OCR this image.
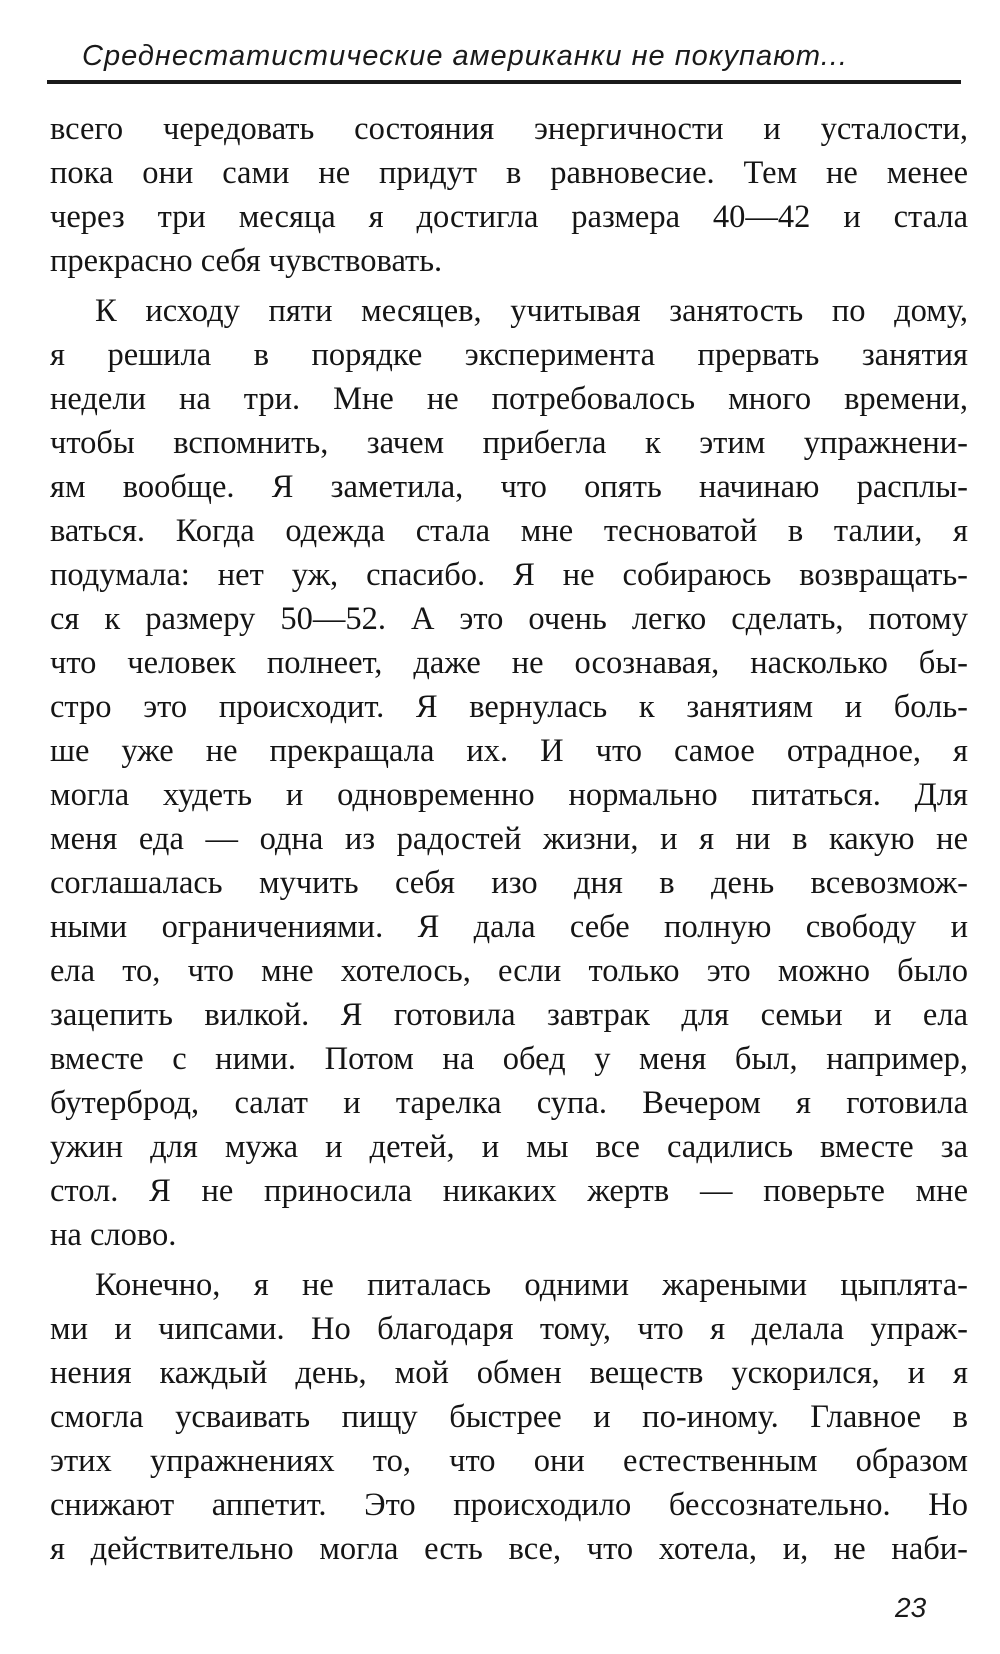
Среднестатистические американки не покупают...
всего чередовать состояния энергичности и усталости,
пока они сами не придут в равновесие. Тем не менее
через три месяца я достигла размера 40—42 и стала
прекрасно себя чувствовать.
К исходу пяти месяцев, учитывая занятость по дому,
я решила в порядке эксперимента прервать занятия
недели на три. Мне не потребовалось много времени,
чтобы вспомнить, зачем прибегла к этим упражнени-
ям вообще. Я заметила, что опять начинаю расплы-
ваться. Когда одежда стала мне тесноватой в талии, я
подумала: нет уж, спасибо. Я не собираюсь возвращать-
ся к размеру 50—52. А это очень легко сделать, потому
что человек полнеет, даже не осознавая, насколько бы-
стро это происходит. Я вернулась к занятиям и боль-
ше уже не прекращала их. И что самое отрадное, я
могла худеть и одновременно нормально питаться. Для
меня еда — одна из радостей жизни, и я ни в какую не
соглашалась мучить себя изо дня в день всевозмож-
ными ограничениями. Я дала себе полную свободу и
ела то, что мне хотелось, если только это можно было
зацепить вилкой. Я готовила завтрак для семьи и ела
вместе с ними. Потом на обед у меня был, например,
бутерброд, салат и тарелка супа. Вечером я готовила
ужин для мужа и детей, и мы все садились вместе за
стол. Я не приносила никаких жертв — поверьте мне
на слово.
Конечно, я не питалась одними жареными цыплята-
ми и чипсами. Но благодаря тому, что я делала упраж-
нения каждый день, мой обмен веществ ускорился, и я
смогла усваивать пищу быстрее и по-иному. Главное в
этих упражнениях то, что они естественным образом
снижают аппетит. Это происходило бессознательно. Но
я действительно могла есть все, что хотела, и, не наби-
23
